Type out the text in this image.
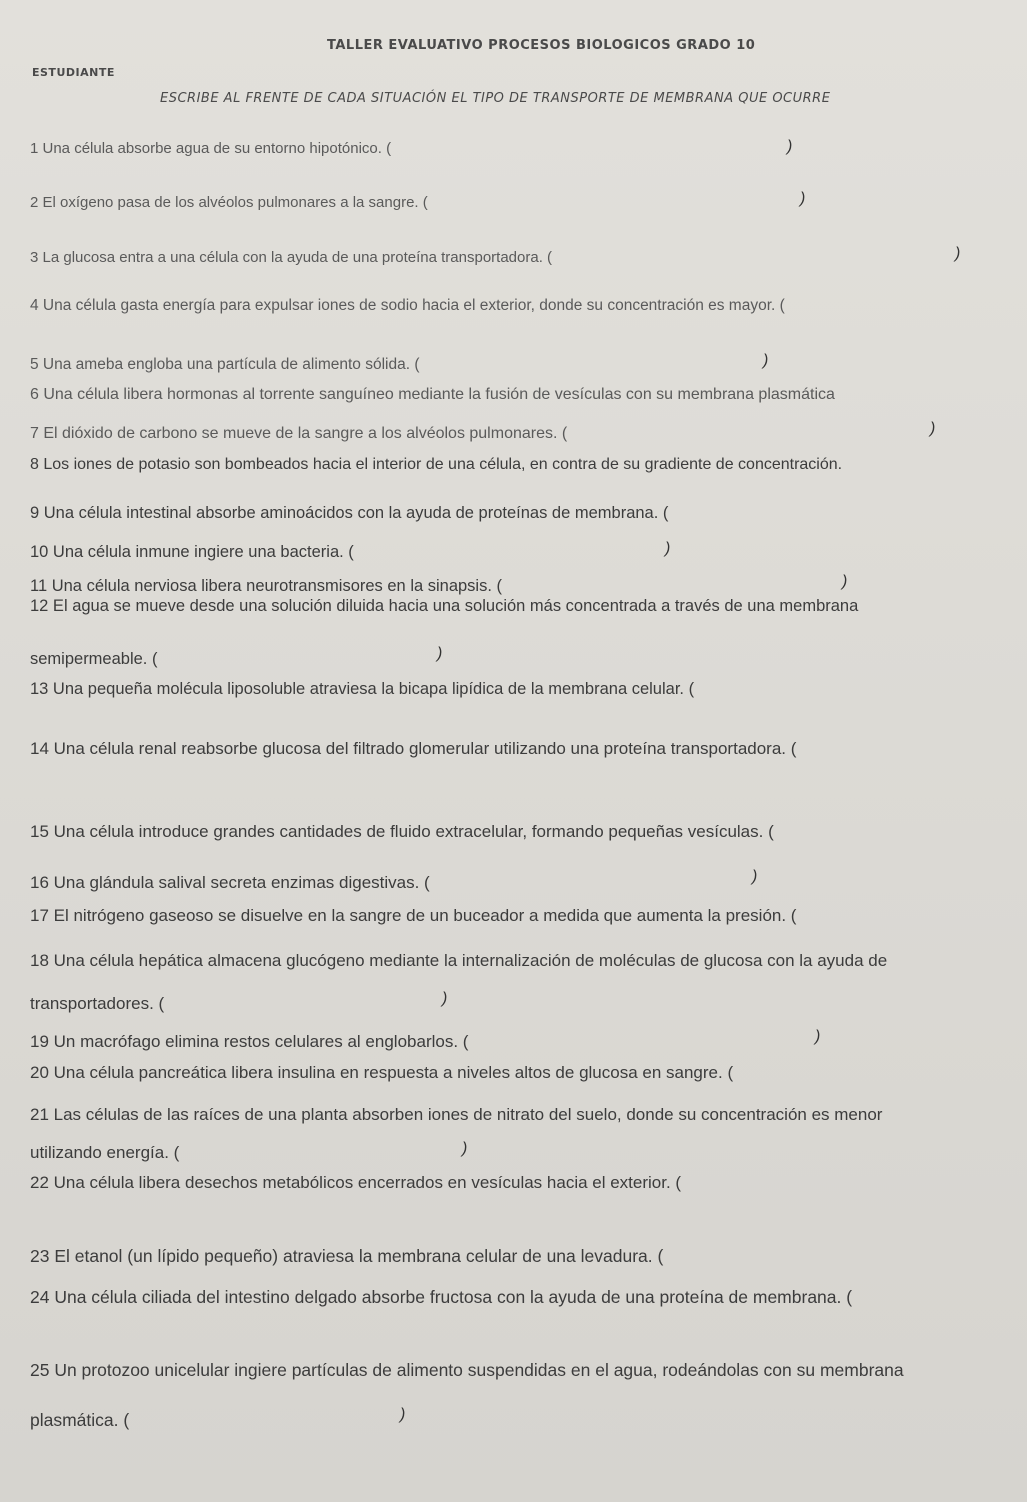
TALLER EVALUATIVO PROCESOS BIOLOGICOS GRADO 10
ESTUDIANTE
ESCRIBE AL FRENTE DE CADA SITUACIÓN EL TIPO DE TRANSPORTE DE MEMBRANA QUE OCURRE
1 Una célula absorbe agua de su entorno hipotónico. (	)
2 El oxígeno pasa de los alvéolos pulmonares a la sangre. (	)
3 La glucosa entra a una célula con la ayuda de una proteína transportadora. (	)
4 Una célula gasta energía para expulsar iones de sodio hacia el exterior, donde su concentración es mayor. (
5 Una ameba engloba una partícula de alimento sólida. (	)
6 Una célula libera hormonas al torrente sanguíneo mediante la fusión de vesículas con su membrana plasmática
7 El dióxido de carbono se mueve de la sangre a los alvéolos pulmonares. (	)
8 Los iones de potasio son bombeados hacia el interior de una célula, en contra de su gradiente de concentración.
9 Una célula intestinal absorbe aminoácidos con la ayuda de proteínas de membrana. (
10 Una célula inmune ingiere una bacteria. (	)
11 Una célula nerviosa libera neurotransmisores en la sinapsis. (	)
12 El agua se mueve desde una solución diluida hacia una solución más concentrada a través de una membrana
semipermeable. (	)
13 Una pequeña molécula liposoluble atraviesa la bicapa lipídica de la membrana celular. (
14 Una célula renal reabsorbe glucosa del filtrado glomerular utilizando una proteína transportadora. (
15 Una célula introduce grandes cantidades de fluido extracelular, formando pequeñas vesículas. (
16 Una glándula salival secreta enzimas digestivas. (	)
17 El nitrógeno gaseoso se disuelve en la sangre de un buceador a medida que aumenta la presión. (
18 Una célula hepática almacena glucógeno mediante la internalización de moléculas de glucosa con la ayuda de
transportadores. (	)
19 Un macrófago elimina restos celulares al englobarlos. (	)
20 Una célula pancreática libera insulina en respuesta a niveles altos de glucosa en sangre. (
21 Las células de las raíces de una planta absorben iones de nitrato del suelo, donde su concentración es menor
utilizando energía. (	)
22 Una célula libera desechos metabólicos encerrados en vesículas hacia el exterior. (
23 El etanol (un lípido pequeño) atraviesa la membrana celular de una levadura. (
24 Una célula ciliada del intestino delgado absorbe fructosa con la ayuda de una proteína de membrana. (
25 Un protozoo unicelular ingiere partículas de alimento suspendidas en el agua, rodeándolas con su membrana
plasmática. (	)
